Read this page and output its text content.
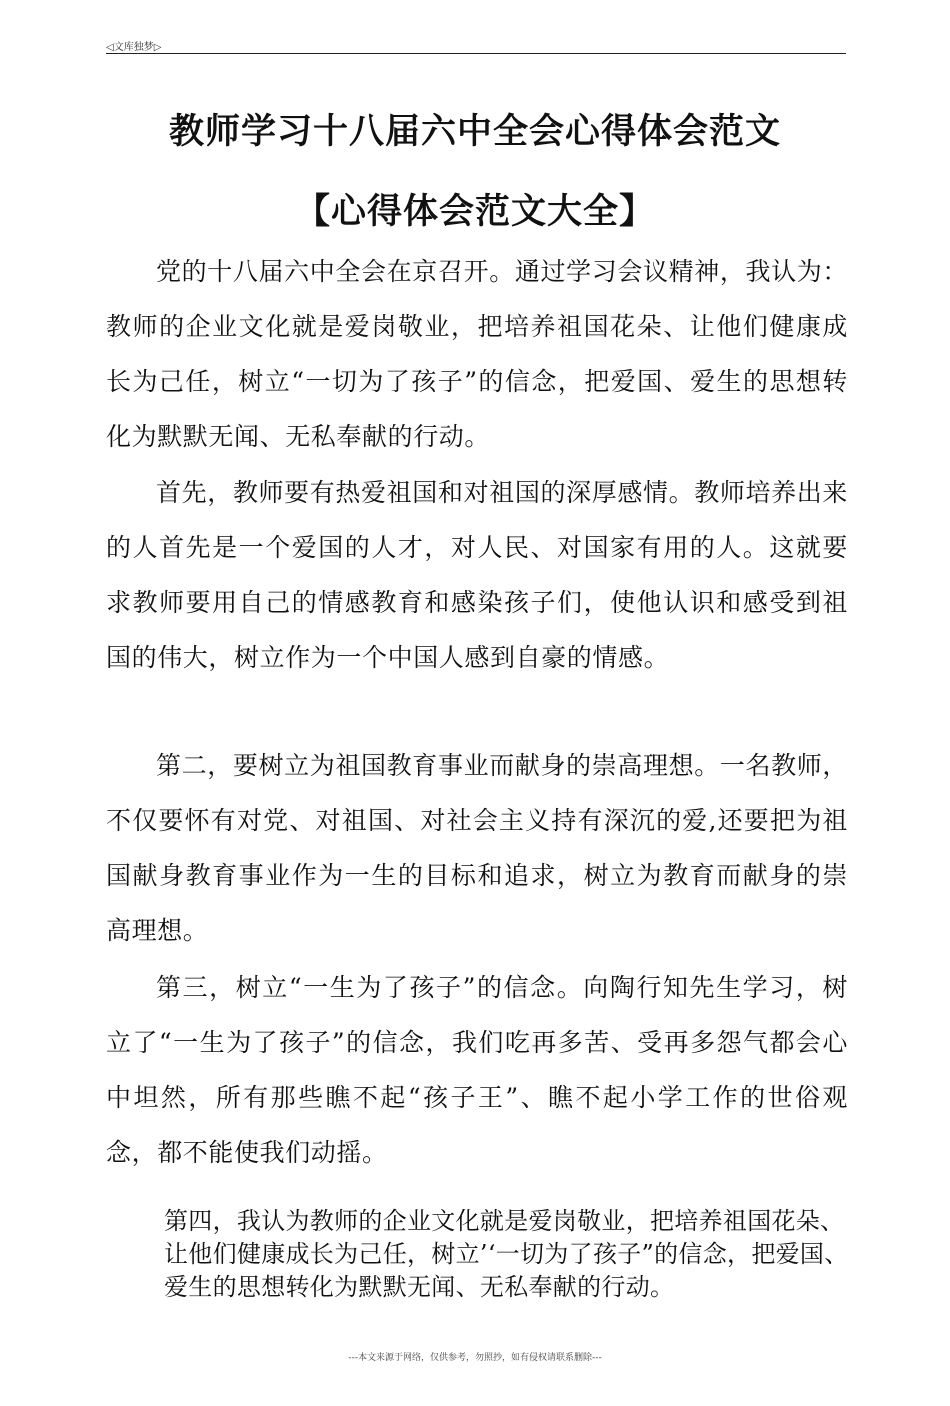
◁文库独梦▷
教师学习十八届六中全会心得体会范文
【心得体会范文大全】

党的十八届六中全会在京召开。通过学习会议精神，我认为：教师的企业文化就是爱岗敬业，把培养祖国花朵、让他们健康成长为己任，树立“一切为了孩子”的信念，把爱国、爱生的思想转化为默默无闻、无私奉献的行动。

首先，教师要有热爱祖国和对祖国的深厚感情。教师培养出来的人首先是一个爱国的人才，对人民、对国家有用的人。这就要求教师要用自己的情感教育和感染孩子们，使他认识和感受到祖国的伟大，树立作为一个中国人感到自豪的情感。

第二，要树立为祖国教育事业而献身的崇高理想。一名教师，不仅要怀有对党、对祖国、对社会主义持有深沉的爱,还要把为祖国献身教育事业作为一生的目标和追求，树立为教育而献身的崇高理想。

第三，树立“一生为了孩子”的信念。向陶行知先生学习，树立了“一生为了孩子”的信念，我们吃再多苦、受再多怨气都会心中坦然，所有那些瞧不起“孩子王”、瞧不起小学工作的世俗观念，都不能使我们动摇。

第四，我认为教师的企业文化就是爱岗敬业，把培养祖国花朵、让他们健康成长为己任，树立’‘一切为了孩子”的信念，把爱国、爱生的思想转化为默默无闻、无私奉献的行动。

---本文来源于网络，仅供参考，勿照抄，如有侵权请联系删除---
